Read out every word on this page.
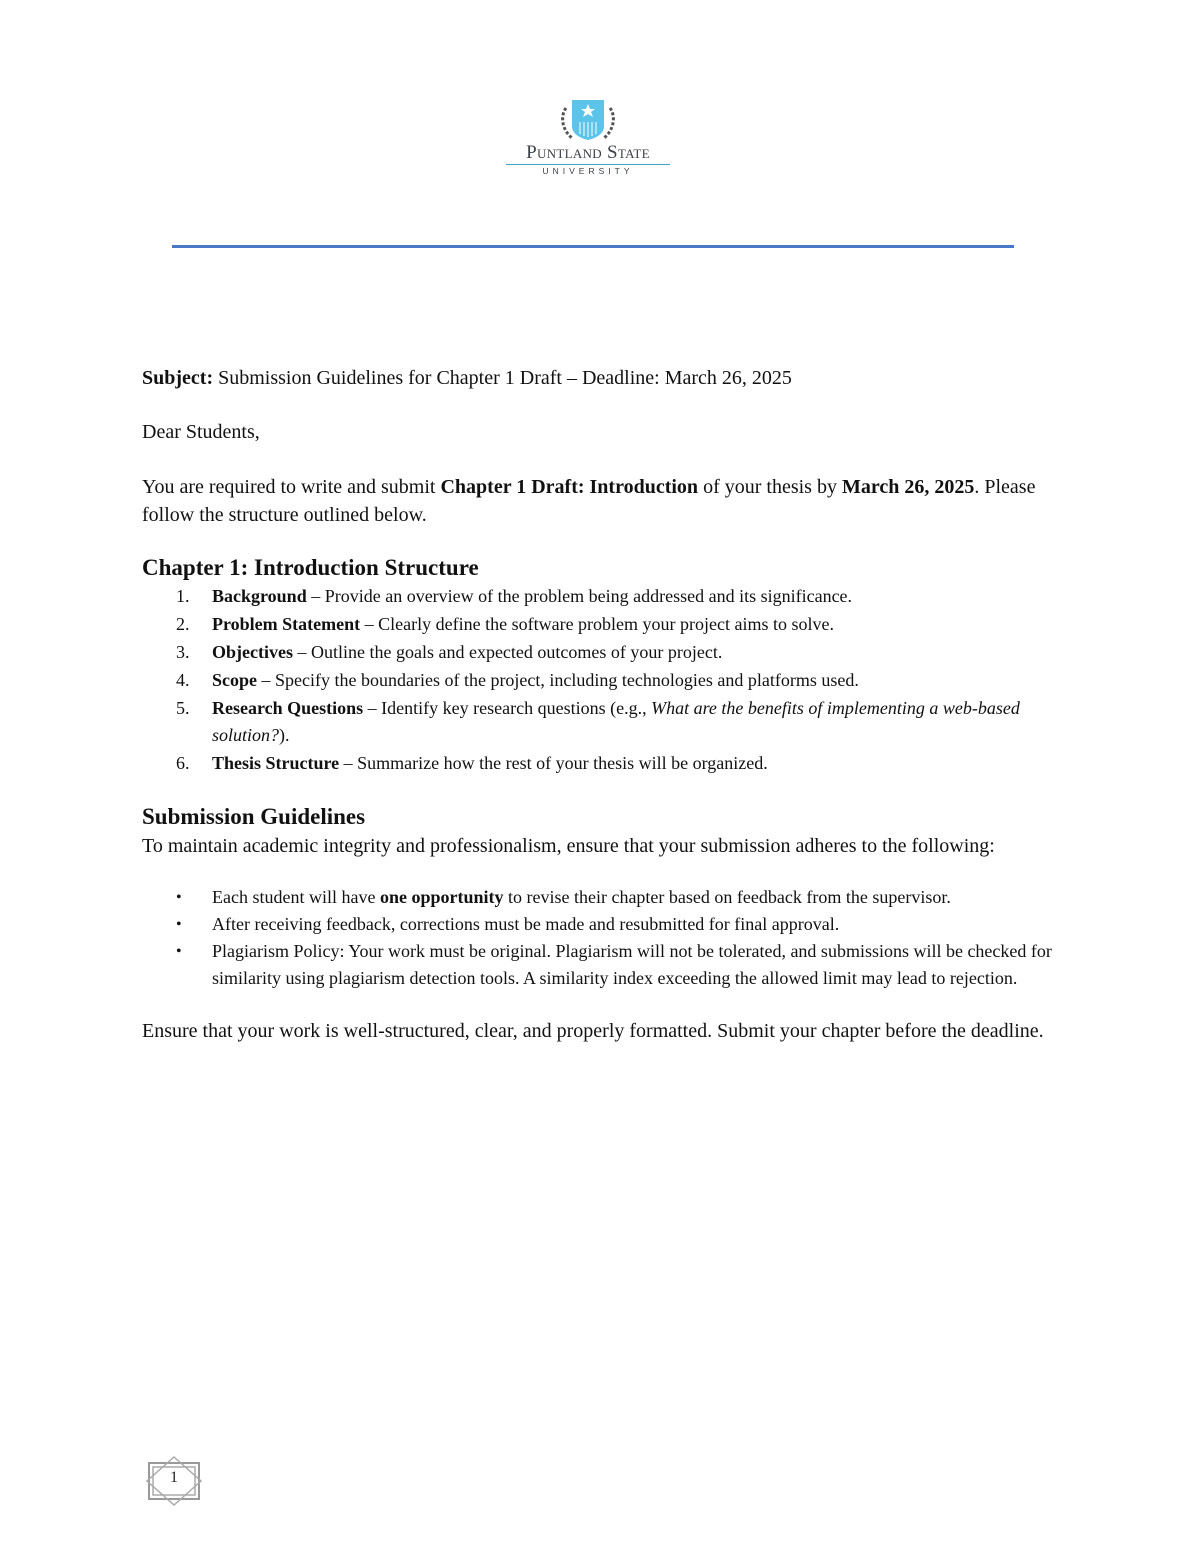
Puntland State
UNIVERSITY

Subject: Submission Guidelines for Chapter 1 Draft – Deadline: March 26, 2025

Dear Students,

You are required to write and submit Chapter 1 Draft: Introduction of your thesis by March 26, 2025. Please follow the structure outlined below.

Chapter 1: Introduction Structure
1. Background – Provide an overview of the problem being addressed and its significance.
2. Problem Statement – Clearly define the software problem your project aims to solve.
3. Objectives – Outline the goals and expected outcomes of your project.
4. Scope – Specify the boundaries of the project, including technologies and platforms used.
5. Research Questions – Identify key research questions (e.g., What are the benefits of implementing a web-based solution?).
6. Thesis Structure – Summarize how the rest of your thesis will be organized.
Submission Guidelines

To maintain academic integrity and professionalism, ensure that your submission adheres to the following:

• Each student will have one opportunity to revise their chapter based on feedback from the supervisor.
• After receiving feedback, corrections must be made and resubmitted for final approval.
• Plagiarism Policy: Your work must be original. Plagiarism will not be tolerated, and submissions will be checked for similarity using plagiarism detection tools. A similarity index exceeding the allowed limit may lead to rejection.

Ensure that your work is well-structured, clear, and properly formatted. Submit your chapter before the deadline.

1
